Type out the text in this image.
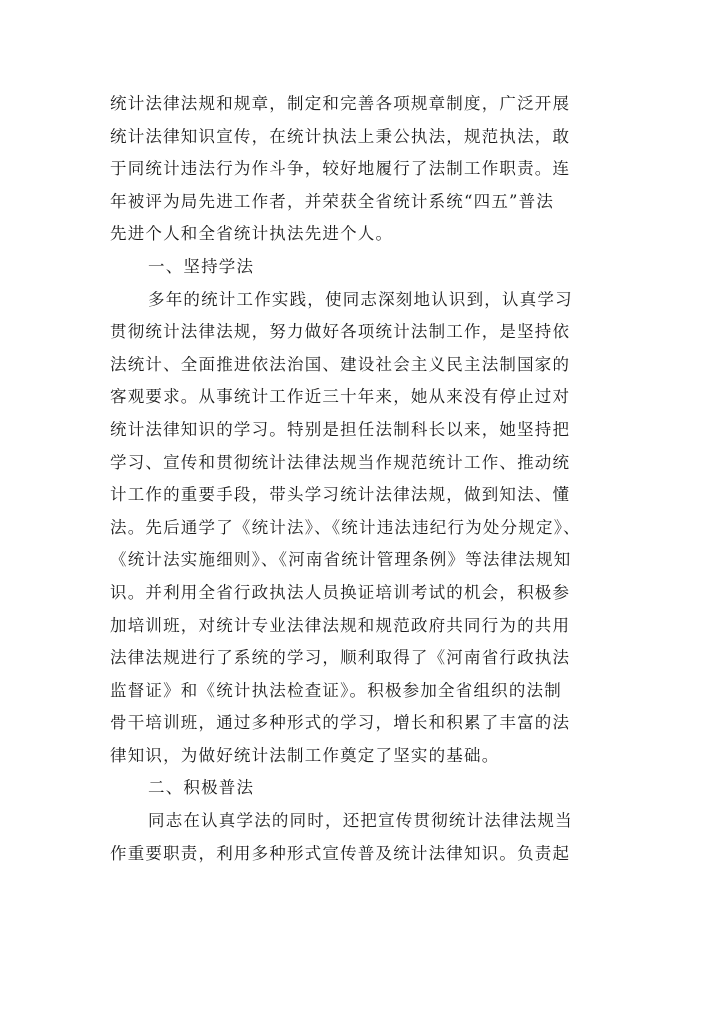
统计法律法规和规章，制定和完善各项规章制度，广泛开展
统计法律知识宣传，在统计执法上秉公执法，规范执法，敢
于同统计违法行为作斗争，较好地履行了法制工作职责。连
年被评为局先进工作者，并荣获全省统计系统“四五”普法
先进个人和全省统计执法先进个人。
一、坚持学法
多年的统计工作实践，使同志深刻地认识到，认真学习
贯彻统计法律法规，努力做好各项统计法制工作，是坚持依
法统计、全面推进依法治国、建设社会主义民主法制国家的
客观要求。从事统计工作近三十年来，她从来没有停止过对
统计法律知识的学习。特别是担任法制科长以来，她坚持把
学习、宣传和贯彻统计法律法规当作规范统计工作、推动统
计工作的重要手段，带头学习统计法律法规，做到知法、懂
法。先后通学了《统计法》、《统计违法违纪行为处分规定》、
《统计法实施细则》、《河南省统计管理条例》等法律法规知
识。并利用全省行政执法人员换证培训考试的机会，积极参
加培训班，对统计专业法律法规和规范政府共同行为的共用
法律法规进行了系统的学习，顺利取得了《河南省行政执法
监督证》和《统计执法检查证》。积极参加全省组织的法制
骨干培训班，通过多种形式的学习，增长和积累了丰富的法
律知识，为做好统计法制工作奠定了坚实的基础。
二、积极普法
同志在认真学法的同时，还把宣传贯彻统计法律法规当
作重要职责，利用多种形式宣传普及统计法律知识。负责起
